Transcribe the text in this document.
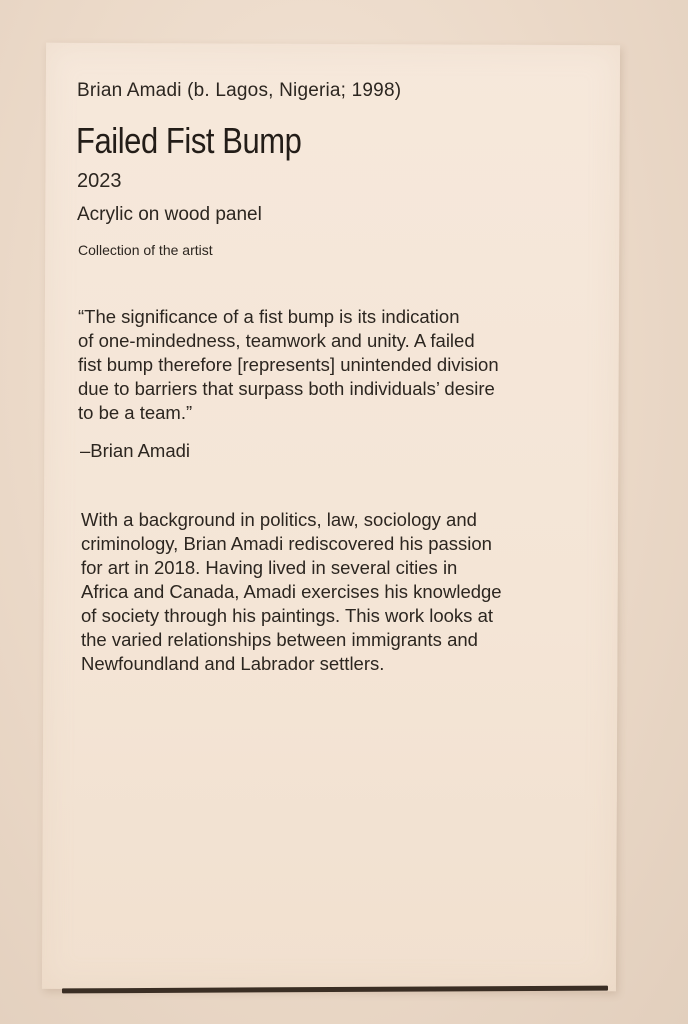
Brian Amadi (b. Lagos, Nigeria; 1998)
Failed Fist Bump
2023
Acrylic on wood panel
Collection of the artist
“The significance of a fist bump is its indication
of one-mindedness, teamwork and unity. A failed
fist bump therefore [represents] unintended division
due to barriers that surpass both individuals’ desire
to be a team.”
–Brian Amadi
With a background in politics, law, sociology and
criminology, Brian Amadi rediscovered his passion
for art in 2018. Having lived in several cities in
Africa and Canada, Amadi exercises his knowledge
of society through his paintings. This work looks at
the varied relationships between immigrants and
Newfoundland and Labrador settlers.
